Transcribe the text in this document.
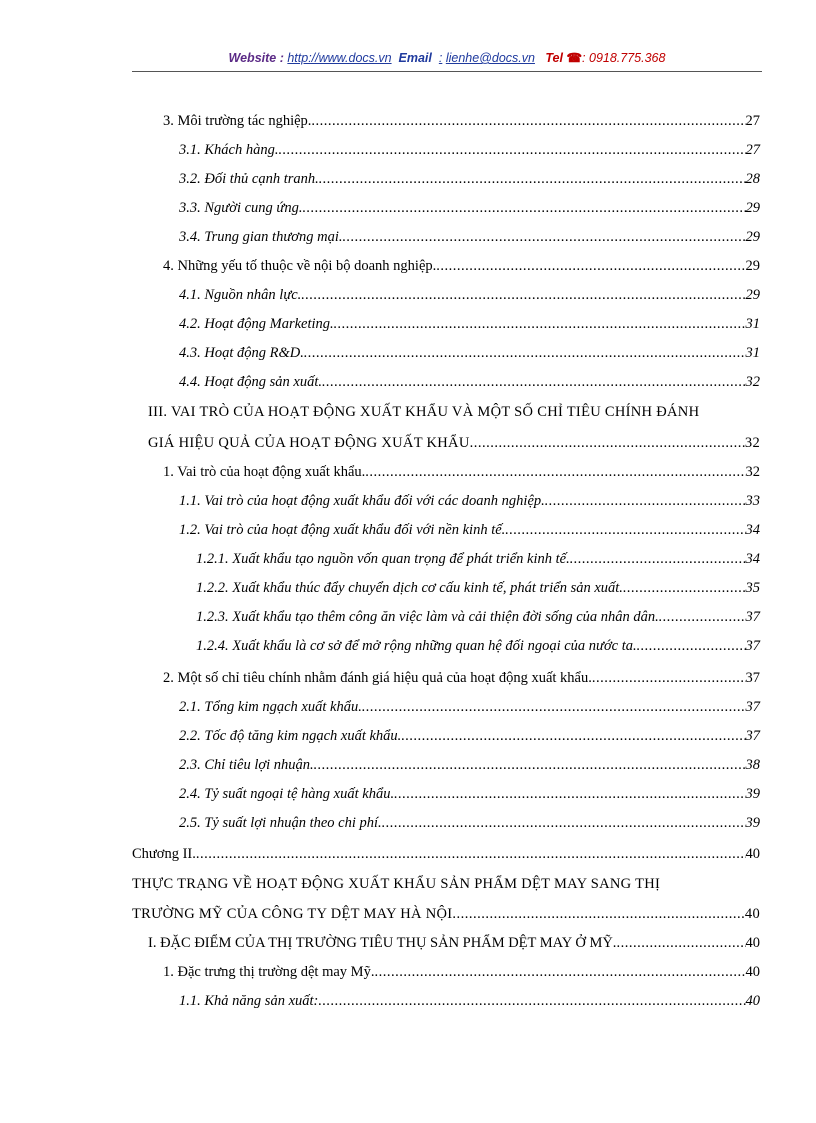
Website : http://www.docs.vn Email : lienhe@docs.vn Tel ☎: 0918.775.368
3. Môi trường tác nghiệp. .....	27
3.1. Khách hàng. .....	27
3.2. Đối thủ cạnh tranh. .....	28
3.3. Người cung ứng. .....	29
3.4. Trung gian thương mại. .....	29
4. Những yếu tố thuộc về nội bộ doanh nghiệp. .....	29
4.1. Nguồn nhân lực. .....	29
4.2. Hoạt động Marketing. .....	31
4.3. Hoạt động R&D. .....	31
4.4. Hoạt động sản xuất. .....	32
III. VAI TRÒ CỦA HOẠT ĐỘNG XUẤT KHẨU VÀ MỘT SỐ CHỈ TIÊU CHÍNH ĐÁNH
GIÁ HIỆU QUẢ CỦA HOẠT ĐỘNG XUẤT KHẨU .....	32
1. Vai trò của hoạt động xuất khẩu. .....	32
1.1. Vai trò của hoạt động xuất khẩu đối với các doanh nghiệp. .....	33
1.2. Vai trò của hoạt động xuất khẩu đối với nền kinh tế. .....	34
1.2.1. Xuất khẩu tạo nguồn vốn quan trọng để phát triển kinh tế. .....	34
1.2.2. Xuất khẩu thúc đẩy chuyển dịch cơ cấu kinh tế, phát triển sản xuất. .....	35
1.2.3. Xuất khẩu tạo thêm công ăn việc làm và cải thiện đời sống của nhân dân. .....	37
1.2.4. Xuất khẩu là cơ sở để mở rộng những quan hệ đối ngoại của nước ta. .....	37
2. Một số chỉ tiêu chính nhằm đánh giá hiệu quả của hoạt động xuất khẩu. .....	37
2.1. Tổng kim ngạch xuất khẩu. .....	37
2.2. Tốc độ tăng kim ngạch xuất khẩu. .....	37
2.3. Chỉ tiêu lợi nhuận. .....	38
2.4. Tỷ suất ngoại tệ hàng xuất khẩu. .....	39
2.5. Tỷ suất lợi nhuận theo chi phí. .....	39
Chương II. .....	40
THỰC TRẠNG VỀ HOẠT ĐỘNG XUẤT KHẨU SẢN PHẨM DỆT MAY SANG THỊ
TRƯỜNG MỸ CỦA CÔNG TY DỆT MAY HÀ NỘI .....	40
I. ĐẶC ĐIỂM CỦA THỊ TRƯỜNG TIÊU THỤ SẢN PHẨM DỆT MAY Ở MỸ. .....	40
1. Đặc trưng thị trường dệt may Mỹ. .....	40
1.1. Khả năng sản xuất: .....	40
